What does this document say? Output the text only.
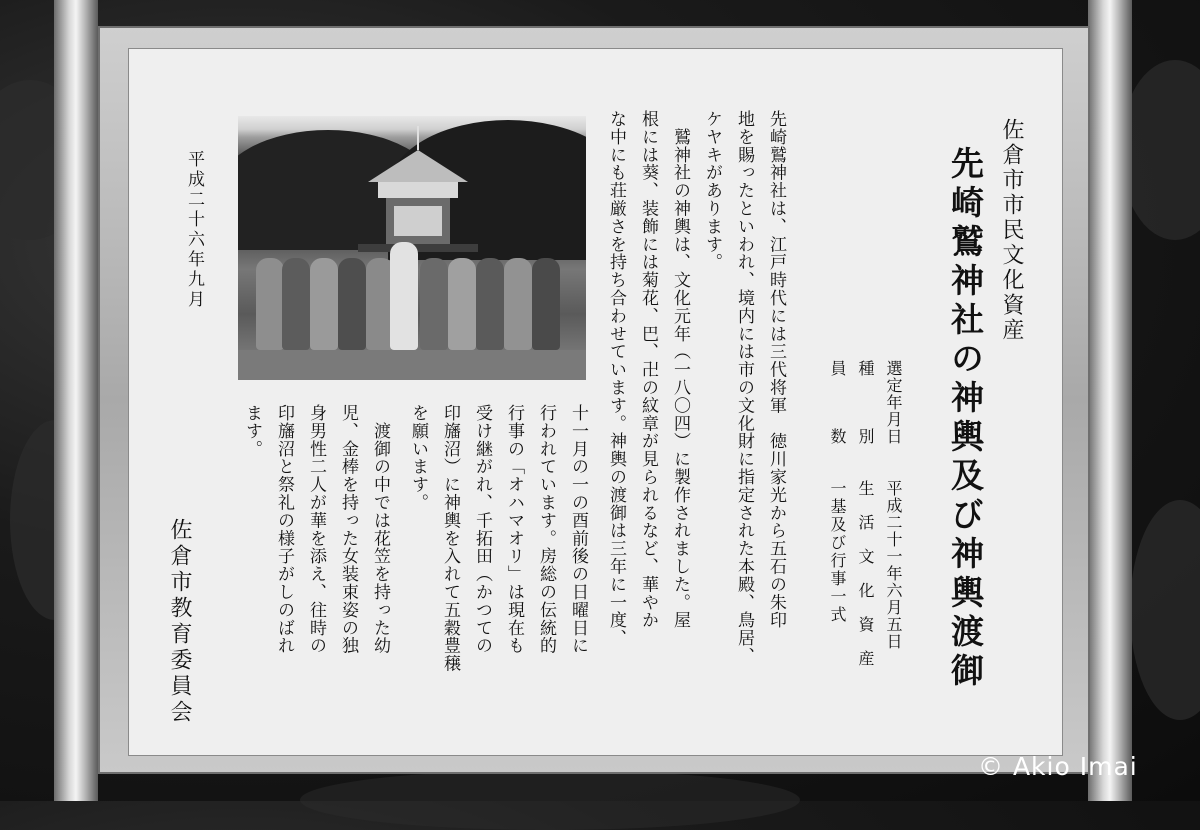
佐倉市市民文化資産

先崎鷲神社の神輿及び神輿渡御

選定年月日

種　　　別

員　　　数

平成二十一年六月五日

生　活　文　化　資　産

一基及び行事一式

先崎鷲神社は、江戸時代には三代将軍　徳川家光から五石の朱印

地を賜ったといわれ、境内には市の文化財に指定された本殿、鳥居、

ケヤキがあります。

　鷲神社の神輿は、文化元年（一八〇四）に製作されました。屋

根には葵、装飾には菊花、巴、卍の紋章が見られるなど、華やか

な中にも荘厳さを持ち合わせています。神輿の渡御は三年に一度、

十一月の一の酉前後の日曜日に

行われています。房総の伝統的

行事の「オハマオリ」は現在も

受け継がれ、千拓田（かつての

印旛沼）に神輿を入れて五穀豊穣

を願います。

　渡御の中では花笠を持った幼

児、金棒を持った女装束姿の独

身男性二人が華を添え、往時の

印旛沼と祭礼の様子がしのばれ

ます。

平成二十六年九月

佐倉市教育委員会

© Akio Imai
